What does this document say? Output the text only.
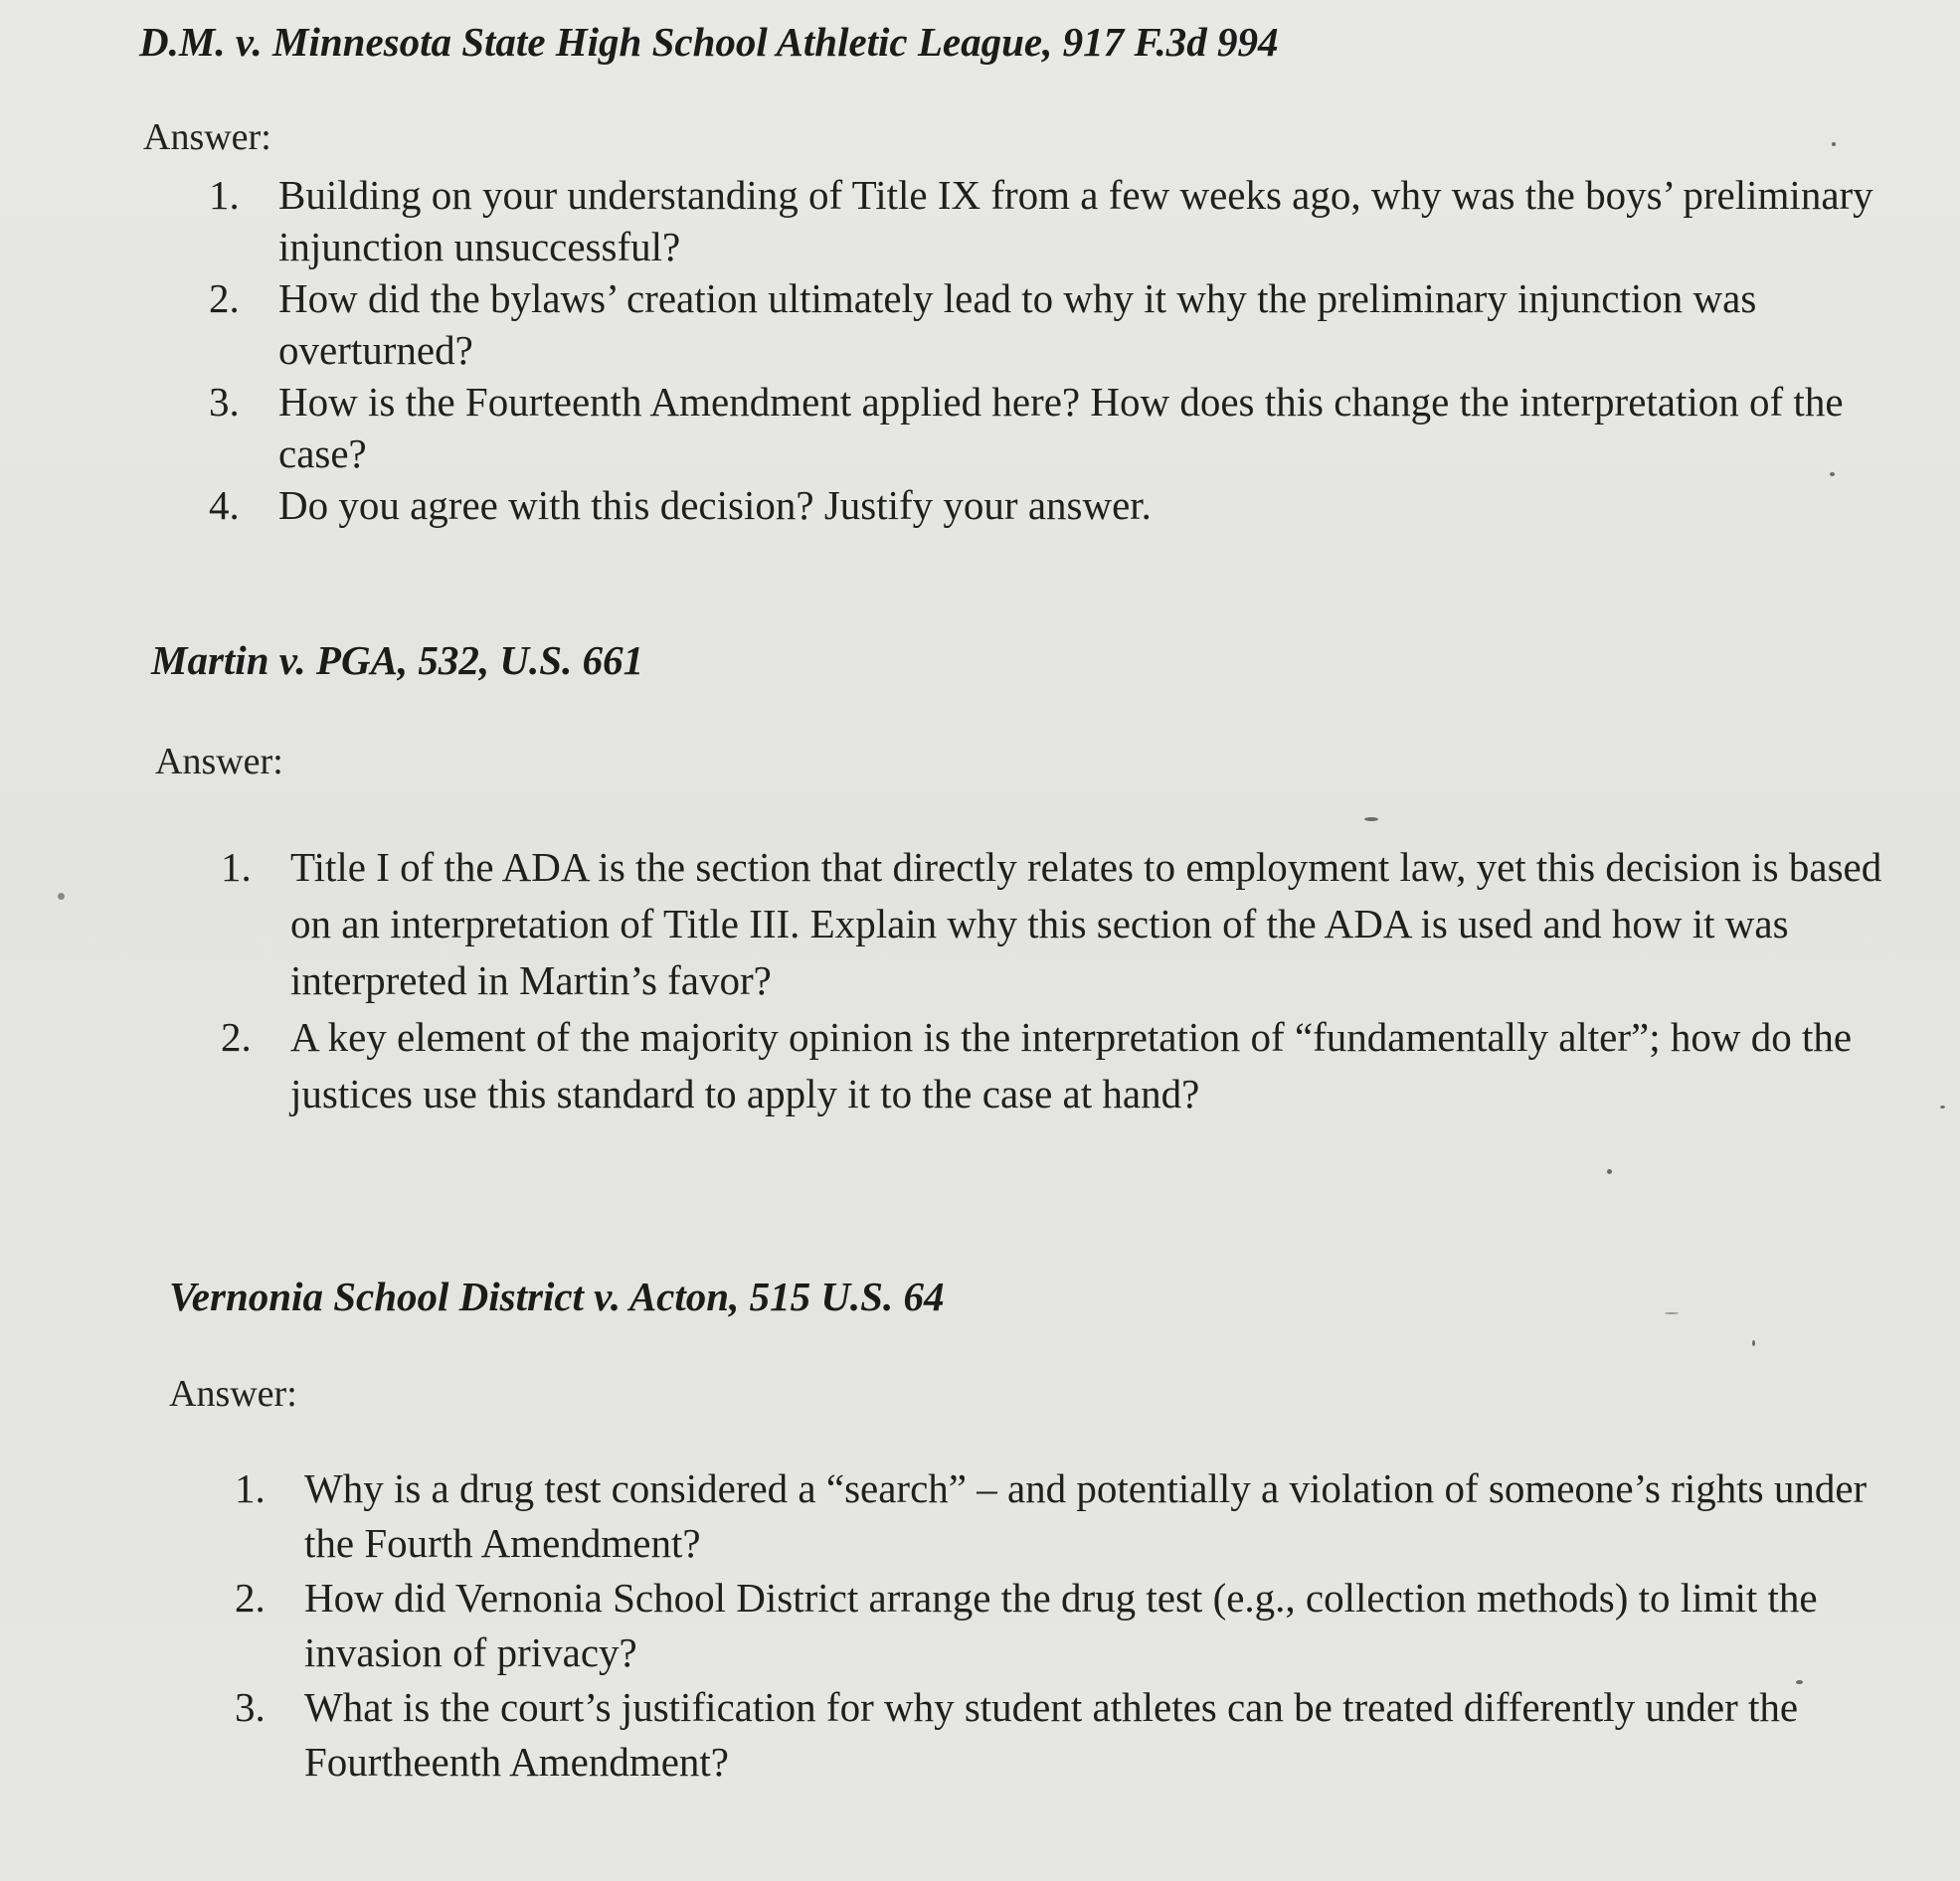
D.M. v. Minnesota State High School Athletic League, 917 F.3d 994
Answer:
1. Building on your understanding of Title IX from a few weeks ago, why was the boys’ preliminary injunction unsuccessful?
2. How did the bylaws’ creation ultimately lead to why it why the preliminary injunction was overturned?
3. How is the Fourteenth Amendment applied here? How does this change the interpretation of the case?
4. Do you agree with this decision? Justify your answer.
Martin v. PGA, 532, U.S. 661
Answer:
1. Title I of the ADA is the section that directly relates to employment law, yet this decision is based on an interpretation of Title III. Explain why this section of the ADA is used and how it was interpreted in Martin’s favor?
2. A key element of the majority opinion is the interpretation of “fundamentally alter”; how do the justices use this standard to apply it to the case at hand?
Vernonia School District v. Acton, 515 U.S. 64
Answer:
1. Why is a drug test considered a “search” – and potentially a violation of someone’s rights under the Fourth Amendment?
2. How did Vernonia School District arrange the drug test (e.g., collection methods) to limit the invasion of privacy?
3. What is the court’s justification for why student athletes can be treated differently under the Fourtheenth Amendment?
